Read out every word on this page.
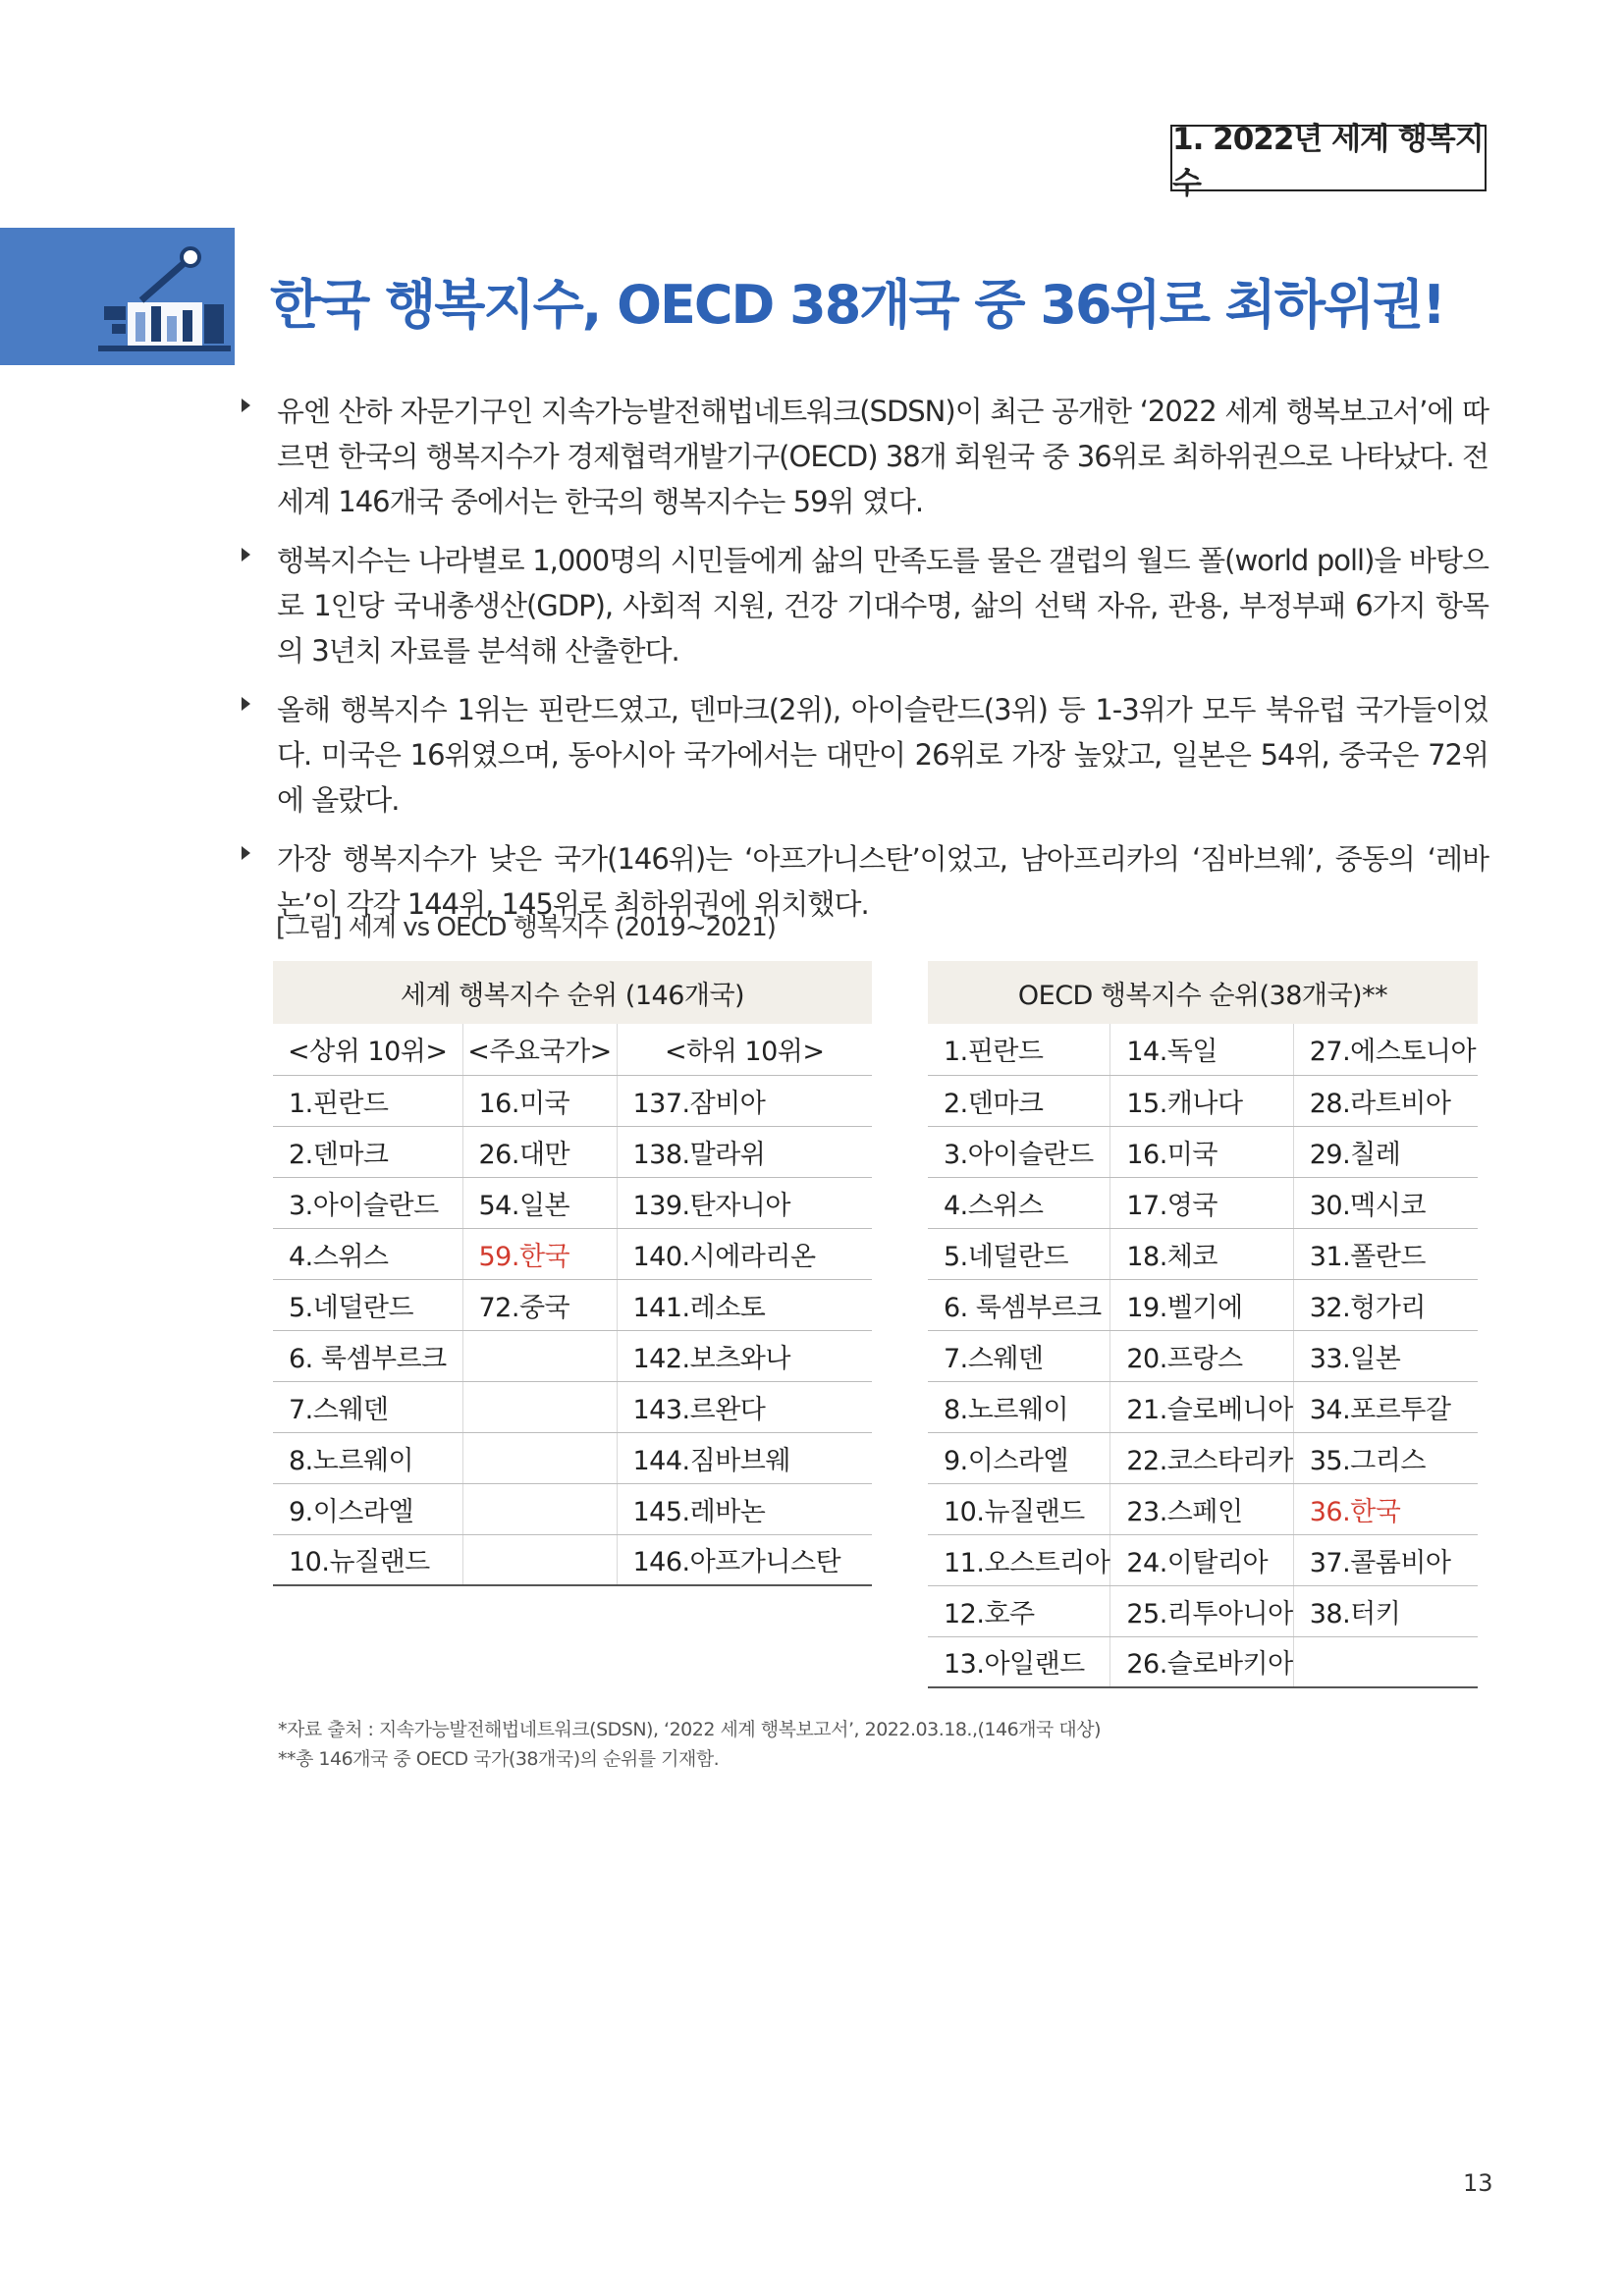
1. 2022년 세계 행복지수
한국 행복지수, OECD 38개국 중 36위로 최하위권!

유엔 산하 자문기구인 지속가능발전해법네트워크(SDSN)이 최근 공개한 ‘2022 세계 행복보고서’에 따르면 한국의 행복지수가 경제협력개발기구(OECD) 38개 회원국 중 36위로 최하위권으로 나타났다. 전 세계 146개국 중에서는 한국의 행복지수는 59위 였다.

행복지수는 나라별로 1,000명의 시민들에게 삶의 만족도를 물은 갤럽의 월드 폴(world poll)을 바탕으로 1인당 국내총생산(GDP), 사회적 지원, 건강 기대수명, 삶의 선택 자유, 관용, 부정부패 6가지 항목의 3년치 자료를 분석해 산출한다.

올해 행복지수 1위는 핀란드였고, 덴마크(2위), 아이슬란드(3위) 등 1-3위가 모두 북유럽 국가들이었다. 미국은 16위였으며, 동아시아 국가에서는 대만이 26위로 가장 높았고, 일본은 54위, 중국은 72위에 올랐다.

가장 행복지수가 낮은 국가(146위)는 ‘아프가니스탄’이었고, 남아프리카의 ‘짐바브웨’, 중동의 ‘레바논’이 각각 144위, 145위로 최하위권에 위치했다.

[그림] 세계 vs OECD 행복지수 (2019~2021)
세계 행복지수 순위 (146개국)		
<상위 10위>	<주요국가>	<하위 10위>
1.핀란드	16.미국	137.잠비아
2.덴마크	26.대만	138.말라위
3.아이슬란드	54.일본	139.탄자니아
4.스위스	59.한국	140.시에라리온
5.네덜란드	72.중국	141.레소토
6. 룩셈부르크		142.보츠와나
7.스웨덴		143.르완다
8.노르웨이		144.짐바브웨
9.이스라엘		145.레바논
10.뉴질랜드		146.아프가니스탄
OECD 행복지수 순위(38개국)**		
1.핀란드	14.독일	27.에스토니아
2.덴마크	15.캐나다	28.라트비아
3.아이슬란드	16.미국	29.칠레
4.스위스	17.영국	30.멕시코
5.네덜란드	18.체코	31.폴란드
6. 룩셈부르크	19.벨기에	32.헝가리
7.스웨덴	20.프랑스	33.일본
8.노르웨이	21.슬로베니아	34.포르투갈
9.이스라엘	22.코스타리카	35.그리스
10.뉴질랜드	23.스페인	36.한국
11.오스트리아	24.이탈리아	37.콜롬비아
12.호주	25.리투아니아	38.터키
13.아일랜드	26.슬로바키아	
*자료 출처 : 지속가능발전해법네트워크(SDSN), ‘2022 세계 행복보고서’, 2022.03.18.,(146개국 대상)
**총 146개국 중 OECD 국가(38개국)의 순위를 기재함.
13
